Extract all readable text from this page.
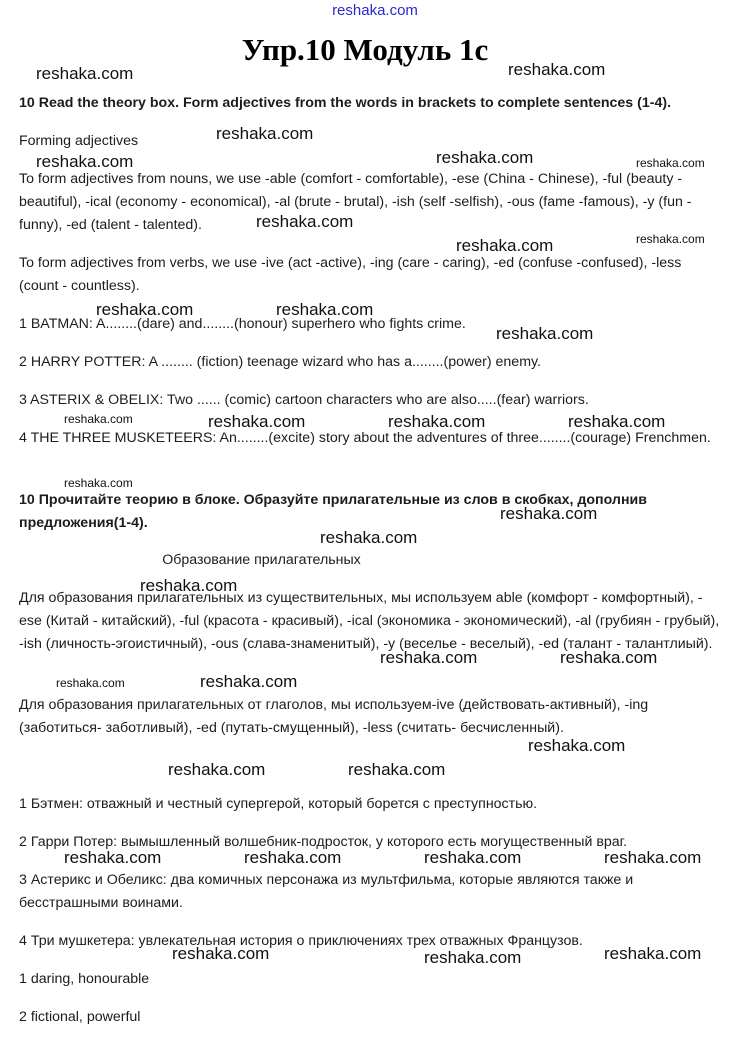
reshaka.com
Упр.10 Модуль 1с
10 Read the theory box. Form adjectives from the words in brackets to complete sentences (1-4).
Forming adjectives
To form adjectives from nouns, we use -able (comfort - comfortable), -ese (China - Chinese), -ful (beauty - beautiful), -ical (economy - economical), -al (brute - brutal), -ish (self -selfish), -ous (fame -famous), -y (fun - funny), -ed (talent - talented).
To form adjectives from verbs, we use -ive (act -active), -ing (care - caring), -ed (confuse -confused), -less (count - countless).
1 BATMAN: A........(dare) and........(honour) superhero who fights crime.
2 HARRY POTTER: A ........ (fiction) teenage wizard who has a........(power) enemy.
3 ASTERIX & OBELIX: Two ...... (comic) cartoon characters who are also.....(fear) warriors.
4 THE THREE MUSKETEERS: An........(excite) story about the adventures of three........(courage) Frenchmen.
10 Прочитайте теорию в блоке. Образуйте прилагательные из слов в скобках, дополнив предложения(1-4).
Образование прилагательных
Для образования прилагательных из существительных, мы используем able (комфорт - комфортный), -ese (Китай - китайский), -ful (красота - красивый), -ical (экономика - экономический), -al (грубиян - грубый), -ish (личность-эгоистичный), -ous (слава-знаменитый), -y (веселье - веселый), -ed (талант - талантлиый).
Для образования прилагательных от глаголов, мы используем-ive (действовать-активный), -ing (заботиться- заботливый), -ed (путать-смущенный), -less (считать- бесчисленный).
1 Бэтмен: отважный и честный супергерой, который борется с преступностью.
2 Гарри Потер: вымышленный волшебник-подросток, у которого есть могущественный враг.
3 Астерикс и Обеликс: два комичных персонажа из мультфильма, которые являются также и бесстрашными воинами.
4 Три мушкетера: увлекательная история о приключениях трех отважных Французов.
1 daring, honourable
2 fictional, powerful
reshaka.com	reshaka.com
reshaka.com
reshaka.com	reshaka.com
reshaka.com
reshaka.com
reshaka.com	reshaka.com
reshaka.com
reshaka.com	reshaka.com	reshaka.com
reshaka.com
reshaka.com
reshaka.com
reshaka.com	reshaka.com
reshaka.com
reshaka.com
reshaka.com	reshaka.com
reshaka.com	reshaka.com	reshaka.com	reshaka.com
reshaka.com	reshaka.com	reshaka.com
reshaka.com
reshaka.com
reshaka.com
reshaka.com
reshaka.com
